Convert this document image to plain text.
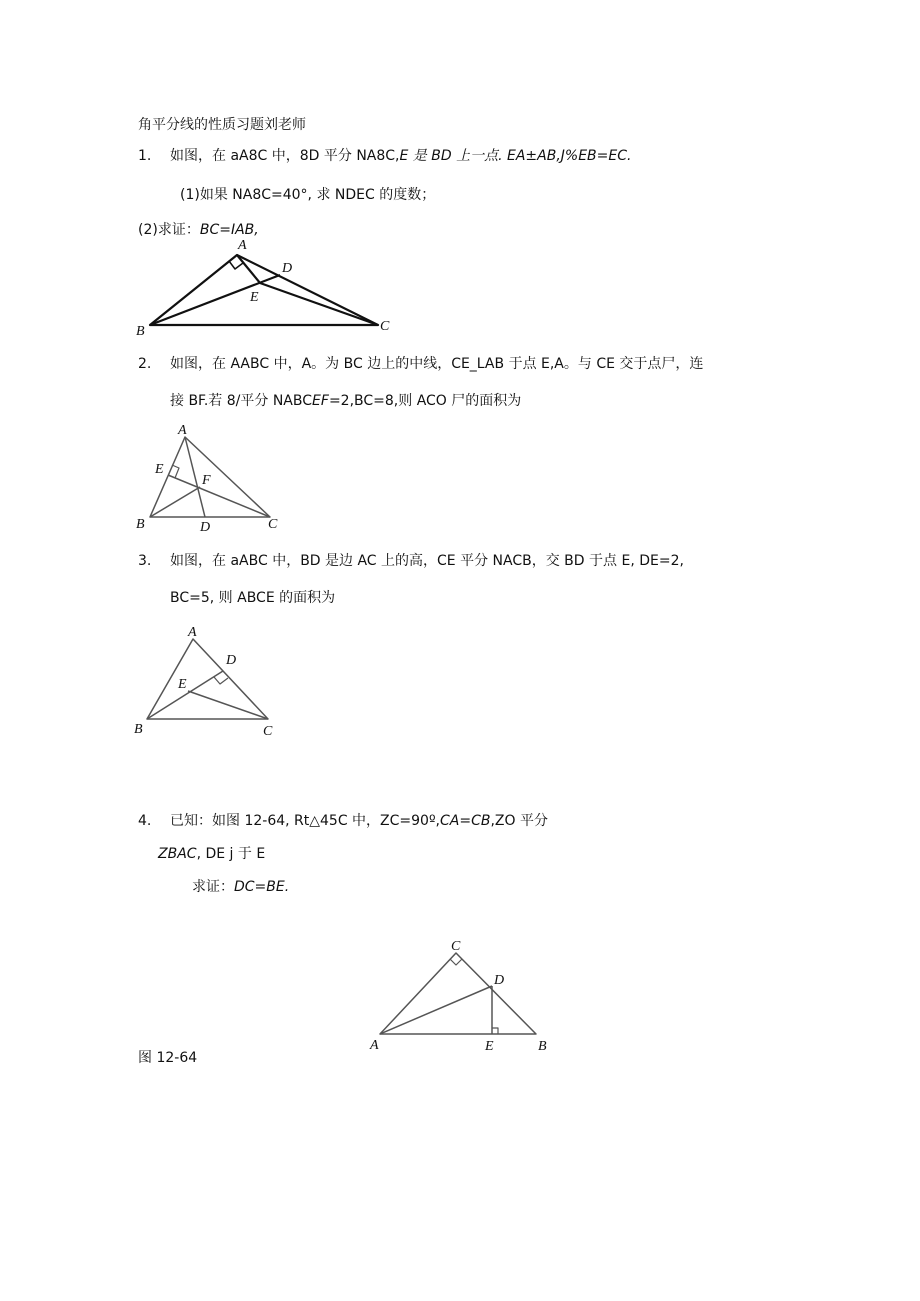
角平分线的性质习题刘老师
1. 如图，在 aA8C 中，8D 平分 NA8C,E 是 BD 上一点. EA±AB,J%EB=EC.
(1)如果 NA8C=40°, 求 NDEC 的度数；
(2)求证：BC=IAB,
A
B	C
D
E
2. 如图，在 AABC 中，A。为 BC 边上的中线，CE_LAB 于点 E,A。与 CE 交于点尸，连
接 BF.若 8/平分 NABCEF=2,BC=8,则 ACO 尸的面积为
A
B	C
D
E
F
3. 如图，在 aABC 中，BD 是边 AC 上的高，CE 平分 NACB，交 BD 于点 E, DE=2,
BC=5, 则 ABCE 的面积为
A
B	C
D
E
4. 已知：如图 12-64, Rt△45C 中，ZC=90º,CA=CB,ZO 平分
ZBAC, DE j 于 E
求证：DC=BE.
C
D
A	E	B
图 12-64
